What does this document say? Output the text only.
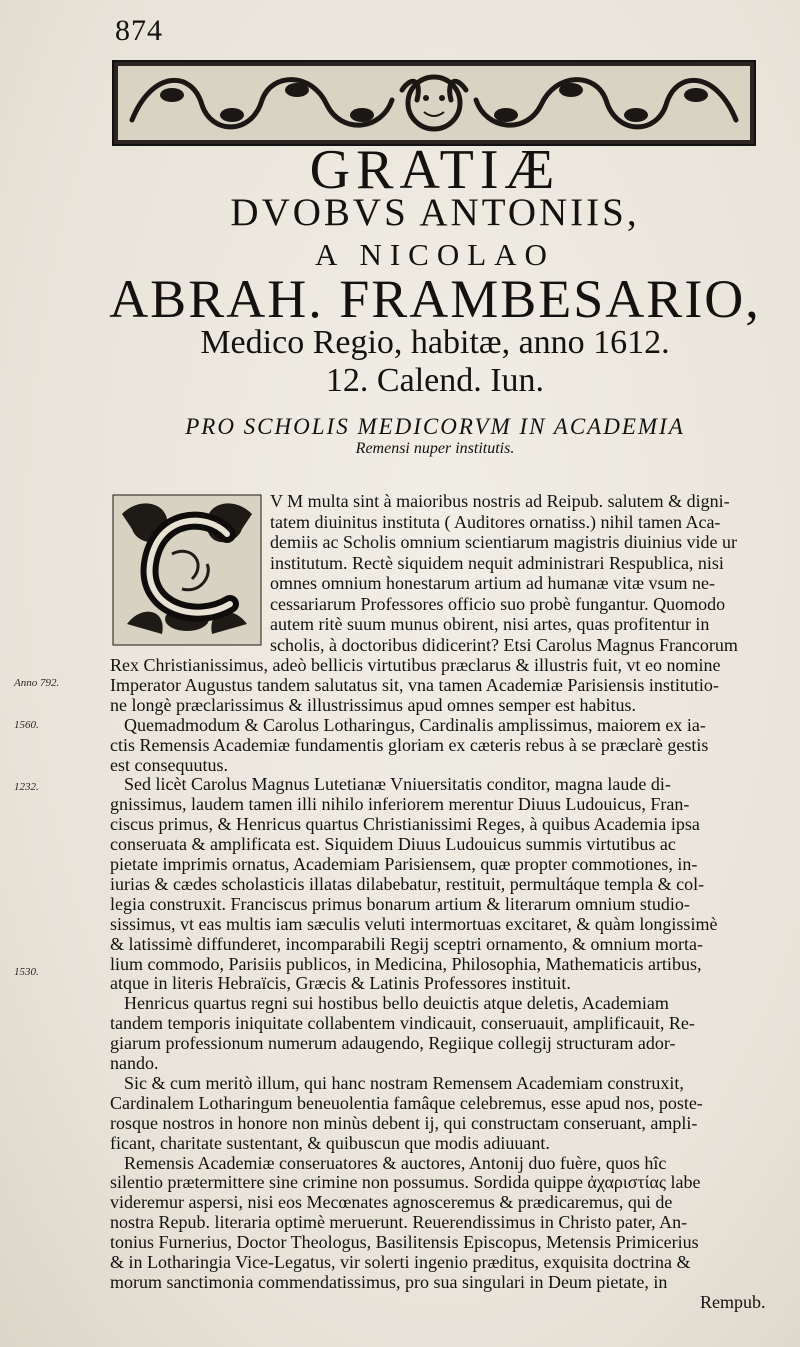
874
GRATIÆ
DVOBVS ANTONIIS,
A NICOLAO
ABRAH. FRAMBESARIO,
Medico Regio, habitæ, anno 1612.
12. Calend. Iun.
PRO SCHOLIS MEDICORVM IN ACADEMIA
Remensi nuper institutis.
V M multa sint à maioribus nostris ad Reipub. salutem & digni-
tatem diuinitus instituta ( Auditores ornatiss.) nihil tamen Aca-
demiis ac Scholis omnium scientiarum magistris diuinius vide ur
institutum. Rectè siquidem nequit administrari Respublica, nisi
omnes omnium honestarum artium ad humanæ vitæ vsum ne-
cessariarum Professores officio suo probè fungantur. Quomodo
autem ritè suum munus obirent, nisi artes, quas profitentur in
scholis, à doctoribus didicerint? Etsi Carolus Magnus Francorum
Rex Christianissimus, adeò bellicis virtutibus præclarus & illustris fuit, vt eo nomine
Imperator Augustus tandem salutatus sit, vna tamen Academiæ Parisiensis institutio-
ne longè præclarissimus & illustrissimus apud omnes semper est habitus.
Quemadmodum & Carolus Lotharingus, Cardinalis amplissimus, maiorem ex ia-
ctis Remensis Academiæ fundamentis gloriam ex cæteris rebus à se præclarè gestis
est consequutus.
Sed licèt Carolus Magnus Lutetianæ Vniuersitatis conditor, magna laude di-
gnissimus, laudem tamen illi nihilo inferiorem merentur Diuus Ludouicus, Fran-
ciscus primus, & Henricus quartus Christianissimi Reges, à quibus Academia ipsa
conseruata & amplificata est. Siquidem Diuus Ludouicus summis virtutibus ac
pietate imprimis ornatus, Academiam Parisiensem, quæ propter commotiones, in-
iurias & cædes scholasticis illatas dilabebatur, restituit, permultáque templa & col-
legia construxit. Franciscus primus bonarum artium & literarum omnium studio-
sissimus, vt eas multis iam sæculis veluti intermortuas excitaret, & quàm longissimè
& latissimè diffunderet, incomparabili Regij sceptri ornamento, & omnium morta-
lium commodo, Parisiis publicos, in Medicina, Philosophia, Mathematicis artibus,
atque in literis Hebraïcis, Græcis & Latinis Professores instituit.
Henricus quartus regni sui hostibus bello deuictis atque deletis, Academiam
tandem temporis iniquitate collabentem vindicauit, conseruauit, amplificauit, Re-
giarum professionum numerum adaugendo, Regiique collegij structuram ador-
nando.
Sic & cum meritò illum, qui hanc nostram Remensem Academiam construxit,
Cardinalem Lotharingum beneuolentia famâque celebremus, esse apud nos, poste-
rosque nostros in honore non minùs debent ij, qui constructam conseruant, ampli-
ficant, charitate sustentant, & quibuscun que modis adiuuant.
Remensis Academiæ conseruatores & auctores, Antonij duo fuère, quos hîc
silentio prætermittere sine crimine non possumus. Sordida quippe ἀχαριστίας labe
videremur aspersi, nisi eos Mecœnates agnosceremus & prædicaremus, qui de
nostra Repub. literaria optimè meruerunt. Reuerendissimus in Christo pater, An-
tonius Furnerius, Doctor Theologus, Basilitensis Episcopus, Metensis Primicerius
& in Lotharingia Vice-Legatus, vir solerti ingenio præditus, exquisita doctrina &
morum sanctimonia commendatissimus, pro sua singulari in Deum pietate, in
Rempub.
Anno 792.
1560.
1232.
1530.
